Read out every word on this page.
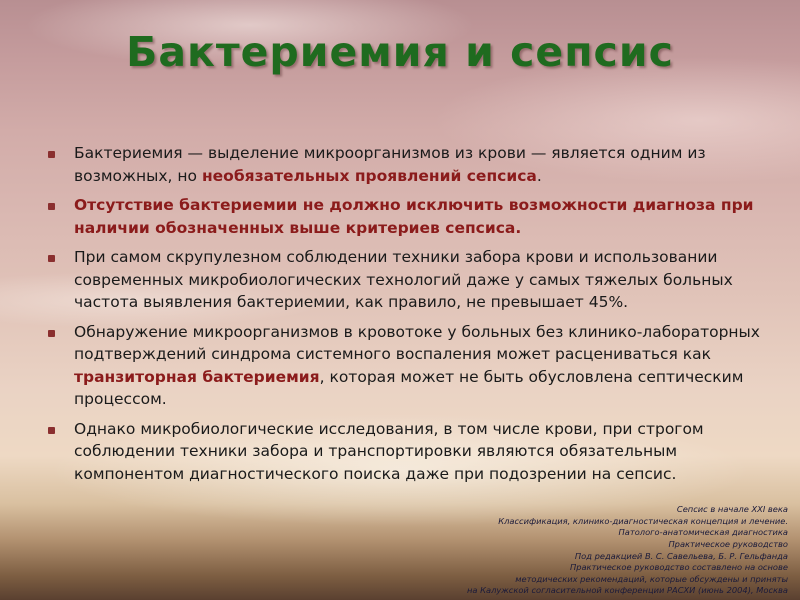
Бактериемия и сепсис
Бактериемия — выделение микроорганизмов из крови — является одним из возможных, но необязательных проявлений сепсиса.
Отсутствие бактериемии не должно исключить возможности диагноза при наличии обозначенных выше критериев сепсиса.
При самом скрупулезном соблюдении техники забора крови и использовании современных микробиологических технологий даже у самых тяжелых больных частота выявления бактериемии, как правило, не превышает 45%.
Обнаружение микроорганизмов в кровотоке у больных без клинико-лабораторных подтверждений синдрома системного воспаления может расцениваться как транзиторная бактериемия, которая может не быть обусловлена септическим процессом.
Однако микробиологические исследования, в том числе крови, при строгом соблюдении техники забора и транспортировки являются обязательным компонентом диагностического поиска даже при подозрении на сепсис.
Сепсис в начале XXI века
Классификация, клинико-диагностическая концепция и лечение.
Патолого-анатомическая диагностика
Практическое руководство
Под редакцией В. С. Савельева, Б. Р. Гельфанда
Практическое руководство составлено на основе
методических рекомендаций, которые обсуждены и приняты
на Калужской согласительной конференции РАСХИ (июнь 2004), Москва
